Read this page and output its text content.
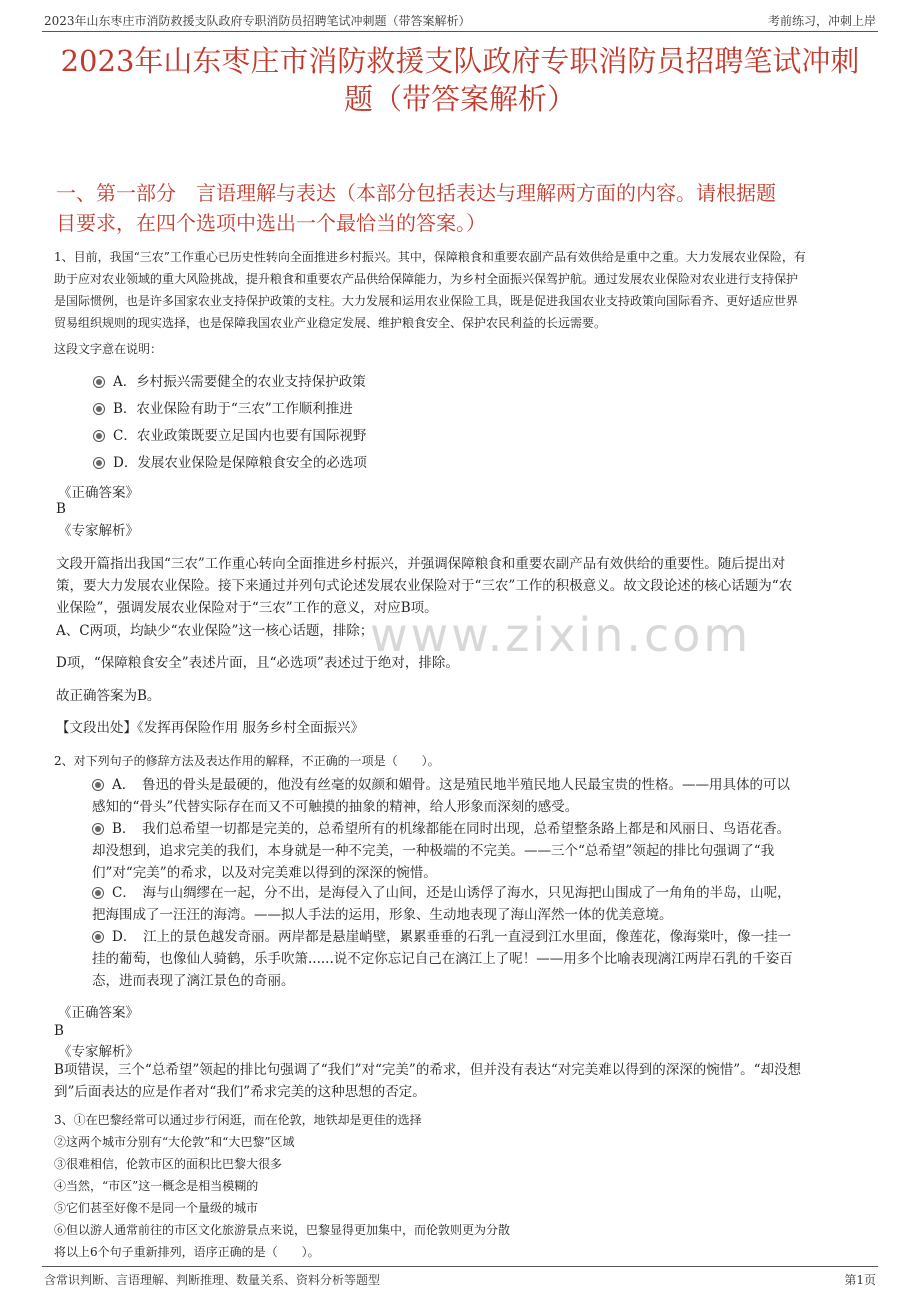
2023年山东枣庄市消防救援支队政府专职消防员招聘笔试冲刺题（带答案解析）	考前练习，冲刺上岸
2023年山东枣庄市消防救援支队政府专职消防员招聘笔试冲刺
题（带答案解析）
一、第一部分　言语理解与表达（本部分包括表达与理解两方面的内容。请根据题
目要求，在四个选项中选出一个最恰当的答案。）
www.zixin.com
1、目前，我国“三农”工作重心已历史性转向全面推进乡村振兴。其中，保障粮食和重要农副产品有效供给是重中之重。大力发展农业保险，有
助于应对农业领域的重大风险挑战，提升粮食和重要农产品供给保障能力，为乡村全面振兴保驾护航。通过发展农业保险对农业进行支持保护
是国际惯例，也是许多国家农业支持保护政策的支柱。大力发展和运用农业保险工具，既是促进我国农业支持政策向国际看齐、更好适应世界
贸易组织规则的现实选择，也是保障我国农业产业稳定发展、维护粮食安全、保护农民利益的长远需要。
这段文字意在说明：
A．乡村振兴需要健全的农业支持保护政策
B．农业保险有助于“三农”工作顺利推进
C．农业政策既要立足国内也要有国际视野
D．发展农业保险是保障粮食安全的必选项
《正确答案》
B
《专家解析》
文段开篇指出我国“三农”工作重心转向全面推进乡村振兴，并强调保障粮食和重要农副产品有效供给的重要性。随后提出对
策，要大力发展农业保险。接下来通过并列句式论述发展农业保险对于“三农”工作的积极意义。故文段论述的核心话题为“农
业保险”，强调发展农业保险对于“三农”工作的意义，对应B项。
A、C两项，均缺少“农业保险”这一核心话题，排除；
D项，“保障粮食安全”表述片面，且“必选项”表述过于绝对，排除。
故正确答案为B。
【文段出处】《发挥再保险作用 服务乡村全面振兴》
2、对下列句子的修辞方法及表达作用的解释，不正确的一项是（　　）。
A．　鲁迅的骨头是最硬的，他没有丝毫的奴颜和媚骨。这是殖民地半殖民地人民最宝贵的性格。——用具体的可以
感知的“骨头”代替实际存在而又不可触摸的抽象的精神，给人形象而深刻的感受。
B．　我们总希望一切都是完美的，总希望所有的机缘都能在同时出现，总希望整条路上都是和风丽日、鸟语花香。
却没想到，追求完美的我们，本身就是一种不完美，一种极端的不完美。——三个“总希望”领起的排比句强调了“我
们”对“完美”的希求，以及对完美难以得到的深深的惋惜。
C．　海与山绸缪在一起，分不出，是海侵入了山间，还是山诱俘了海水，只见海把山围成了一角角的半岛，山呢，
把海围成了一汪汪的海湾。——拟人手法的运用，形象、生动地表现了海山浑然一体的优美意境。
D．　江上的景色越发奇丽。两岸都是悬崖峭壁，累累垂垂的石乳一直浸到江水里面，像莲花，像海棠叶，像一挂一
挂的葡萄，也像仙人骑鹤，乐手吹箫......说不定你忘记自己在漓江上了呢！——用多个比喻表现漓江两岸石乳的千姿百
态，进而表现了漓江景色的奇丽。
《正确答案》
B
《专家解析》
B项错误，三个“总希望”领起的排比句强调了“我们”对“完美”的希求，但并没有表达“对完美难以得到的深深的惋惜”。“却没想
到”后面表达的应是作者对“我们”希求完美的这种思想的否定。
3、①在巴黎经常可以通过步行闲逛，而在伦敦，地铁却是更佳的选择
②这两个城市分别有“大伦敦”和“大巴黎”区域
③很难相信，伦敦市区的面积比巴黎大很多
④当然，“市区”这一概念是相当模糊的
⑤它们甚至好像不是同一个量级的城市
⑥但以游人通常前往的市区文化旅游景点来说，巴黎显得更加集中，而伦敦则更为分散
将以上6个句子重新排列，语序正确的是（　　）。
含常识判断、言语理解、判断推理、数量关系、资料分析等题型	第1页
